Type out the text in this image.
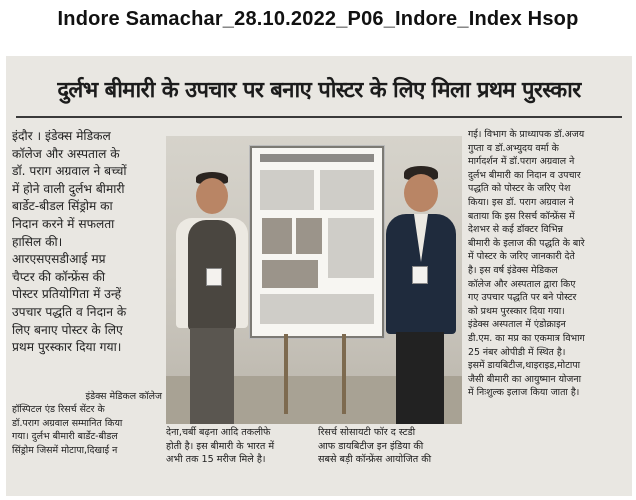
Indore Samachar_28.10.2022_P06_Indore_Index Hsop
दुर्लभ बीमारी के उपचार पर बनाए पोस्टर के लिए मिला प्रथम पुरस्कार

इंदौर । इंडेक्स मेडिकल

कॉलेज और अस्पताल के

डॉ. पराग अग्रवाल ने बच्चों

में होने वाली दुर्लभ बीमारी

बार्डेट-बीडल सिंड्रोम का

निदान करने में सफलता

हासिल की।

आरएसएसडीआई मप्र

चैप्टर की कॉन्फ्रेंस की

पोस्टर प्रतियोगिता में उन्हें

उपचार पद्धति व निदान के

लिए बनाए पोस्टर के लिए

प्रथम पुरस्कार दिया गया।

इंडेक्स मेडिकल कॉलेज

हॉस्पिटल एंड रिसर्च सेंटर के

डॉ.पराग अग्रवाल सम्मानित किया

गया। दुर्लभ बीमारी बार्डेट-बीडल

सिंड्रोम जिसमें मोटापा,दिखाई न

देना,चर्बी बढ़ना आदि तकलीफे

होती है। इस बीमारी के भारत में

अभी तक 15 मरीज मिले है।

रिसर्च सोसायटी फॉर द स्टडी

आफ डायबिटीज इन इंडिया की

सबसे बड़ी कॉन्फ्रेंस आयोजित की

गई। विभाग के प्राध्यापक डॉ.अजय

गुप्ता व डॉ.अभ्युदय वर्मा के

मार्गदर्शन में डॉ.पराग अग्रवाल ने

दुर्लभ बीमारी का निदान व उपचार

पद्धति को पोस्टर के जरिए पेश

किया। इस डॉ. पराग अग्रवाल ने

बताया कि इस रिसर्च कॉन्फ्रेंस में

देशभर से कई डॉक्टर विभिन्न

बीमारी के इलाज की पद्धति के बारे

में पोस्टर के जरिए जानकारी देते

है। इस वर्ष इंडेक्स मेडिकल

कॉलेज और अस्पताल द्वारा किए

गए उपचार पद्धति पर बने पोस्टर

को प्रथम पुरस्कार दिया गया।

इंडेक्स अस्पताल में एंडोक्राइन

डी.एम. का मप्र का एकमात्र विभाग

25 नंबर ओपीडी में स्थित है।

इसमें डायबिटीज,थाइराइड,मोटापा

जैसी बीमारी का आयुष्मान योजना

में निःशुल्क इलाज किया जाता है।
